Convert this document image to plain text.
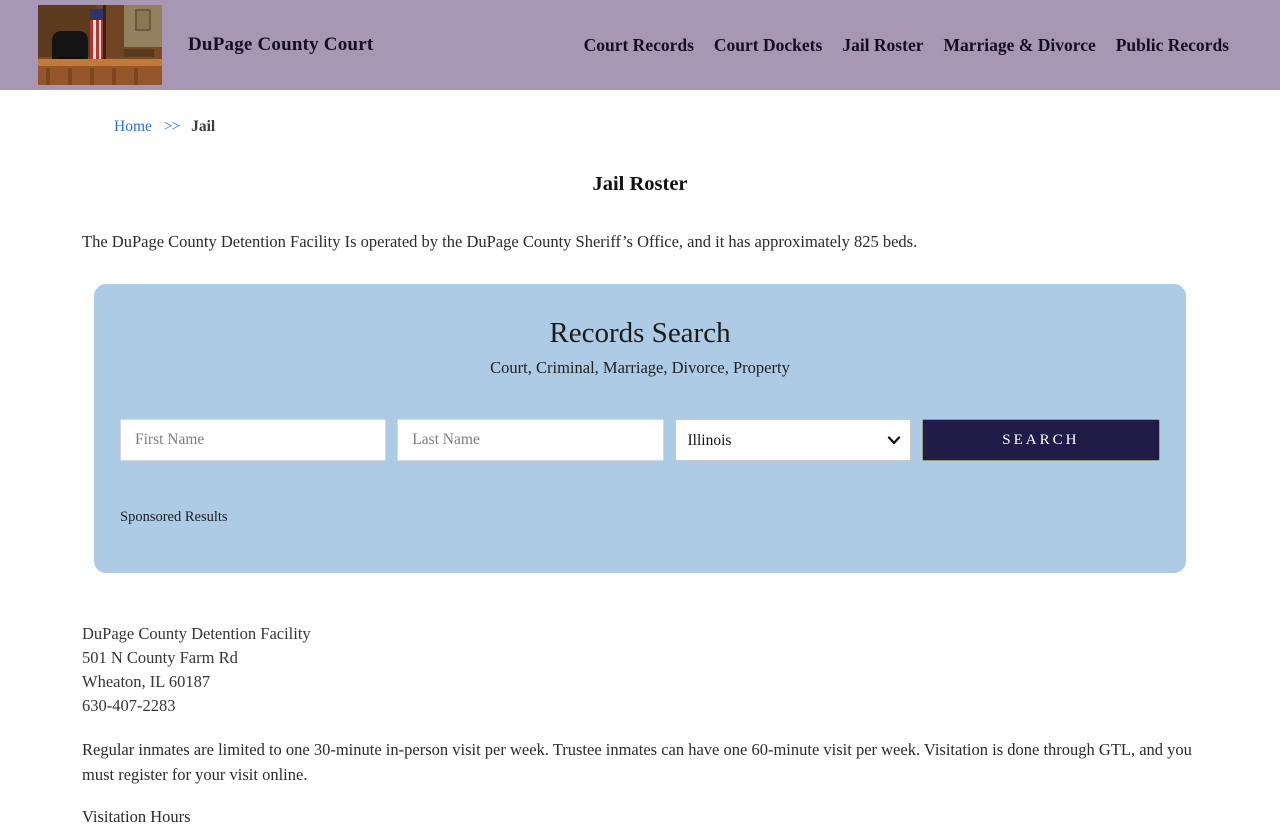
DuPage County Court	Court Records Court Dockets Jail Roster Marriage & Divorce Public Records
Home >> Jail
Jail Roster

The DuPage County Detention Facility Is operated by the DuPage County Sheriff’s Office, and it has approximately 825 beds.

Records Search
Court, Criminal, Marriage, Divorce, Property
First Name
Last Name
Illinois
SEARCH
Sponsored Results
DuPage County Detention Facility
501 N County Farm Rd
Wheaton, IL 60187
630-407-2283

Regular inmates are limited to one 30-minute in-person visit per week. Trustee inmates can have one 60-minute visit per week. Visitation is done through GTL, and you must register for your visit online.

Visitation Hours
